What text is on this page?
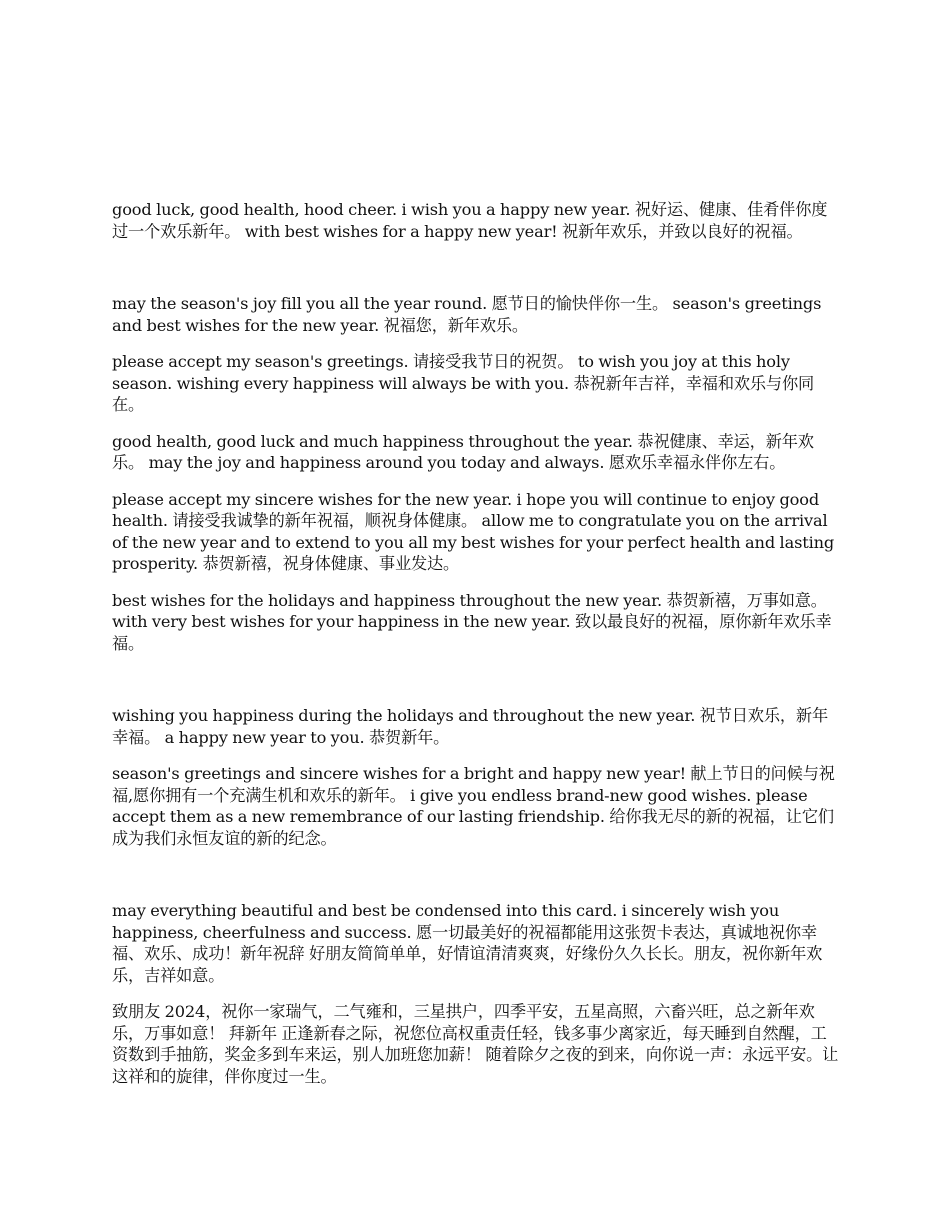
good luck, good health, hood cheer. i wish you a happy new year. 祝好运、健康、佳肴伴你度过一个欢乐新年。 with best wishes for a happy new year! 祝新年欢乐，并致以良好的祝福。

may the season's joy fill you all the year round. 愿节日的愉快伴你一生。 season's greetings and best wishes for the new year. 祝福您，新年欢乐。

please accept my season's greetings. 请接受我节日的祝贺。 to wish you joy at this holy season. wishing every happiness will always be with you. 恭祝新年吉祥，幸福和欢乐与你同在。

good health, good luck and much happiness throughout the year. 恭祝健康、幸运，新年欢乐。 may the joy and happiness around you today and always. 愿欢乐幸福永伴你左右。

please accept my sincere wishes for the new year. i hope you will continue to enjoy good health. 请接受我诚挚的新年祝福，顺祝身体健康。 allow me to congratulate you on the arrival of the new year and to extend to you all my best wishes for your perfect health and lasting prosperity. 恭贺新禧，祝身体健康、事业发达。

best wishes for the holidays and happiness throughout the new year. 恭贺新禧，万事如意。 with very best wishes for your happiness in the new year. 致以最良好的祝福，原你新年欢乐幸福。

wishing you happiness during the holidays and throughout the new year. 祝节日欢乐，新年幸福。 a happy new year to you. 恭贺新年。

season's greetings and sincere wishes for a bright and happy new year! 献上节日的问候与祝福,愿你拥有一个充满生机和欢乐的新年。 i give you endless brand-new good wishes. please accept them as a new remembrance of our lasting friendship. 给你我无尽的新的祝福，让它们成为我们永恒友谊的新的纪念。

may everything beautiful and best be condensed into this card. i sincerely wish you happiness, cheerfulness and success. 愿一切最美好的祝福都能用这张贺卡表达，真诚地祝你幸福、欢乐、成功！新年祝辞 好朋友简简单单，好情谊清清爽爽，好缘份久久长长。朋友，祝你新年欢乐，吉祥如意。

致朋友 2024，祝你一家瑞气，二气雍和，三星拱户，四季平安，五星高照，六畜兴旺，总之新年欢乐，万事如意！ 拜新年 正逢新春之际，祝您位高权重责任轻，钱多事少离家近，每天睡到自然醒，工资数到手抽筋，奖金多到车来运，别人加班您加薪！ 随着除夕之夜的到来，向你说一声：永远平安。让这祥和的旋律，伴你度过一生。
